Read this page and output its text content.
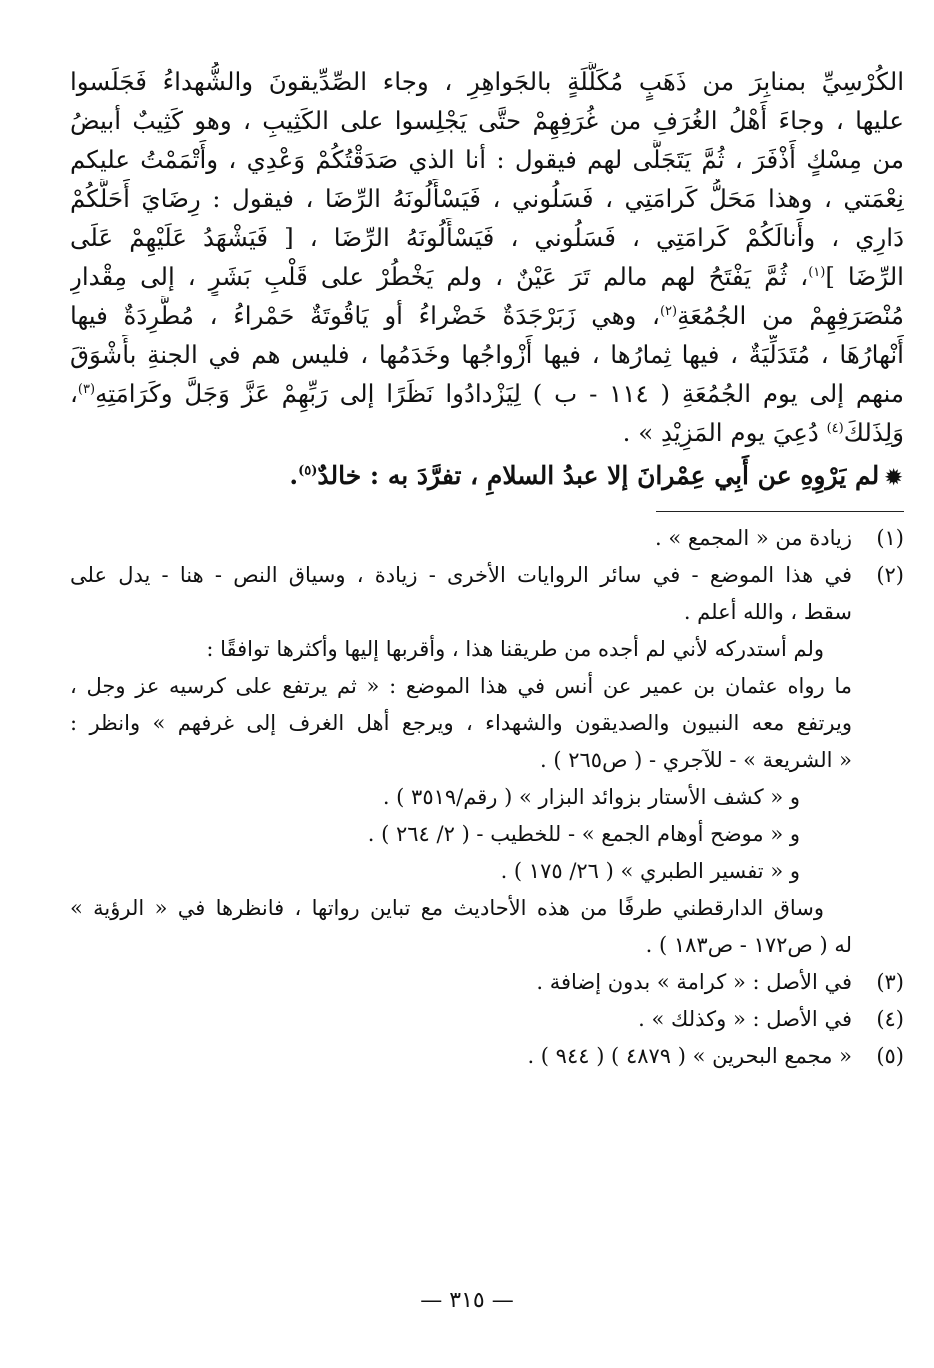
الكُرْسِيِّ بمنابِرَ من ذَهَبٍ مُكَلَّلَةٍ بالجَواهِرِ ، وجاء الصِّدِّيقونَ والشُّهداءُ فَجَلَسوا
عليها ، وجاءَ أَهْلُ الغُرَفِ من غُرَفِهِمْ حتَّى يَجْلِسوا على الكَثِيبِ ، وهو كَثِيبٌ أبيضُ
من مِسْكٍ أَذْفَرَ ، ثُمَّ يَتَجَلَّى لهم فيقول : أنا الذي صَدَقْتُكُمْ وَعْدِي ، وأَتْمَمْتُ عليكم
نِعْمَتي ، وهذا مَحَلُّ كَرامَتِي ، فَسَلُوني ، فَيَسْأَلُونَهُ الرِّضَا ، فيقول : رِضَايَ أَحَلَّكُمْ
دَارِي ، وأَنالَكُمْ كَرامَتِي ، فَسَلُوني ، فَيَسْأَلُونَهُ الرِّضَا ، [ فَيَشْهَدُ عَلَيْهِمْ عَلَى
الرِّضَا ]$^{(١)}$، ثُمَّ يَفْتَحُ لهم مالم تَرَ عَيْنٌ ، ولم يَخْطُرْ على قَلْبِ بَشَرٍ ، إلى مِقْدارِ
مُنْصَرَفِهِمْ من الجُمُعَةِ$^{(٢)}$، وهي زَبَرْجَدَةٌ خَضْراءُ أو يَاقُوتَةٌ حَمْراءُ ، مُطَّرِدَةٌ فيها
أَنْهارُهَا ، مُتَدَلِّيَةٌ ، فيها ثِمارُها ، فيها أَزْواجُها وخَدَمُها ، فليس هم في الجنةِ بأَشْوَقَ
منهم إلى يوم الجُمُعَةِ ( ١١٤ - ب ) لِيَزْدادُوا نَظَرًا إلى رَبِّهِمْ عَزَّ وَجَلَّ وكَرَامَتِهِ$^{(٣)}$،
وَلِذَلكَ$^{(٤)}$ دُعِيَ يوم المَزِيْدِ » .
✹لم يَرْوِهِ عن أَبِي عِمْرانَ إلا عبدُ السلامِ ، تفرَّدَ به : خالدٌ$^{(٥)}$.
(١)
زيادة من « المجمع » .
(٢)
في هذا الموضع - في سائر الروايات الأخرى - زيادة ، وسياق النص - هنا - يدل على
سقط ، والله أعلم .
ولم أستدركه لأني لم أجده من طريقنا هذا ، وأقربها إليها وأكثرها توافقًا :
ما رواه عثمان بن عمير عن أنس في هذا الموضع : « ثم يرتفع على كرسيه عز وجل ،
ويرتفع معه النبيون والصديقون والشهداء ، ويرجع أهل الغرف إلى غرفهم » وانظر :
« الشريعة » - للآجري - ( ص٢٦٥ ) .
و « كشف الأستار بزوائد البزار » ( رقم/٣٥١٩ ) .
و « موضح أوهام الجمع » - للخطيب - ( ٢/ ٢٦٤ ) .
و « تفسير الطبري » ( ٢٦/ ١٧٥ ) .
وساق الدارقطني طرفًا من هذه الأحاديث مع تباين رواتها ، فانظرها في « الرؤية »
له ( ص١٧٢ - ص١٨٣ ) .
(٣)
في الأصل : « كرامة » بدون إضافة .
(٤)
في الأصل : « وكذلك » .
(٥)
« مجمع البحرين » ( ٤٨٧٩ ) ( ٩٤٤ ) .
— ٣١٥ —
